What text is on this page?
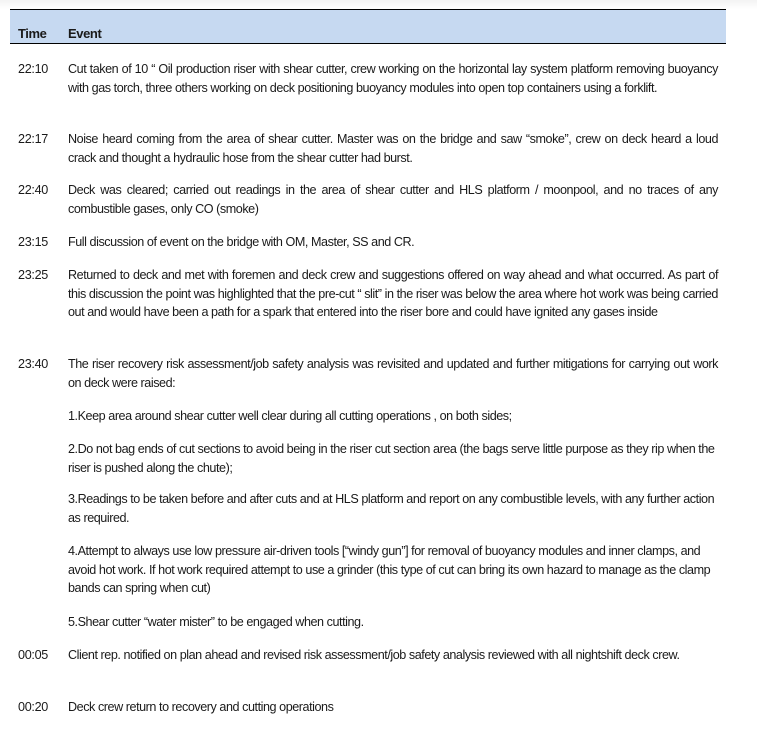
Time Event
22:10 Cut taken of 10 “ Oil production riser with shear cutter, crew working on the horizontal lay system platform removing buoyancy with gas torch, three others working on deck positioning buoyancy modules into open top containers using a forklift.
22:17 Noise heard coming from the area of shear cutter. Master was on the bridge and saw “smoke”, crew on deck heard a loud crack and thought a hydraulic hose from the shear cutter had burst.
22:40 Deck was cleared; carried out readings in the area of shear cutter and HLS platform / moonpool, and no traces of any combustible gases, only CO (smoke)
23:15 Full discussion of event on the bridge with OM, Master, SS and CR.
23:25 Returned to deck and met with foremen and deck crew and suggestions offered on way ahead and what occurred. As part of this discussion the point was highlighted that the pre-cut “ slit” in the riser was below the area where hot work was being carried out and would have been a path for a spark that entered into the riser bore and could have ignited any gases inside
23:40 The riser recovery risk assessment/job safety analysis was revisited and updated and further mitigations for carrying out work on deck were raised:
1.Keep area around shear cutter well clear during all cutting operations , on both sides;
2.Do not bag ends of cut sections to avoid being in the riser cut section area (the bags serve little purpose as they rip when the riser is pushed along the chute);
3.Readings to be taken before and after cuts and at HLS platform and report on any combustible levels, with any further action as required.
4.Attempt to always use low pressure air-driven tools [“windy gun”] for removal of buoyancy modules and inner clamps, and avoid hot work. If hot work required attempt to use a grinder (this type of cut can bring its own hazard to manage as the clamp bands can spring when cut)
5.Shear cutter “water mister” to be engaged when cutting.
00:05 Client rep. notified on plan ahead and revised risk assessment/job safety analysis reviewed with all nightshift deck crew.
00:20 Deck crew return to recovery and cutting operations
